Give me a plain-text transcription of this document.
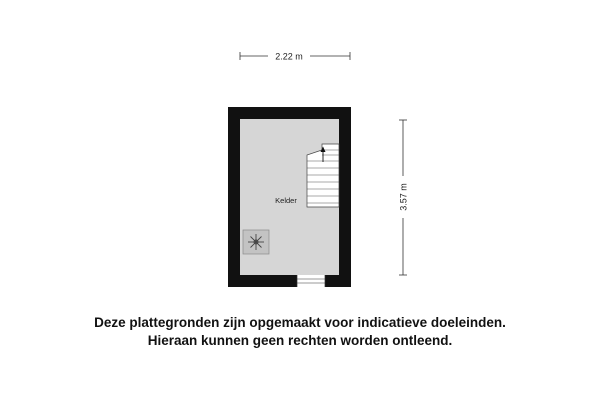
2.22 m
3.57 m
Kelder
Deze plattegronden zijn opgemaakt voor indicatieve doeleinden.
Hieraan kunnen geen rechten worden ontleend.
